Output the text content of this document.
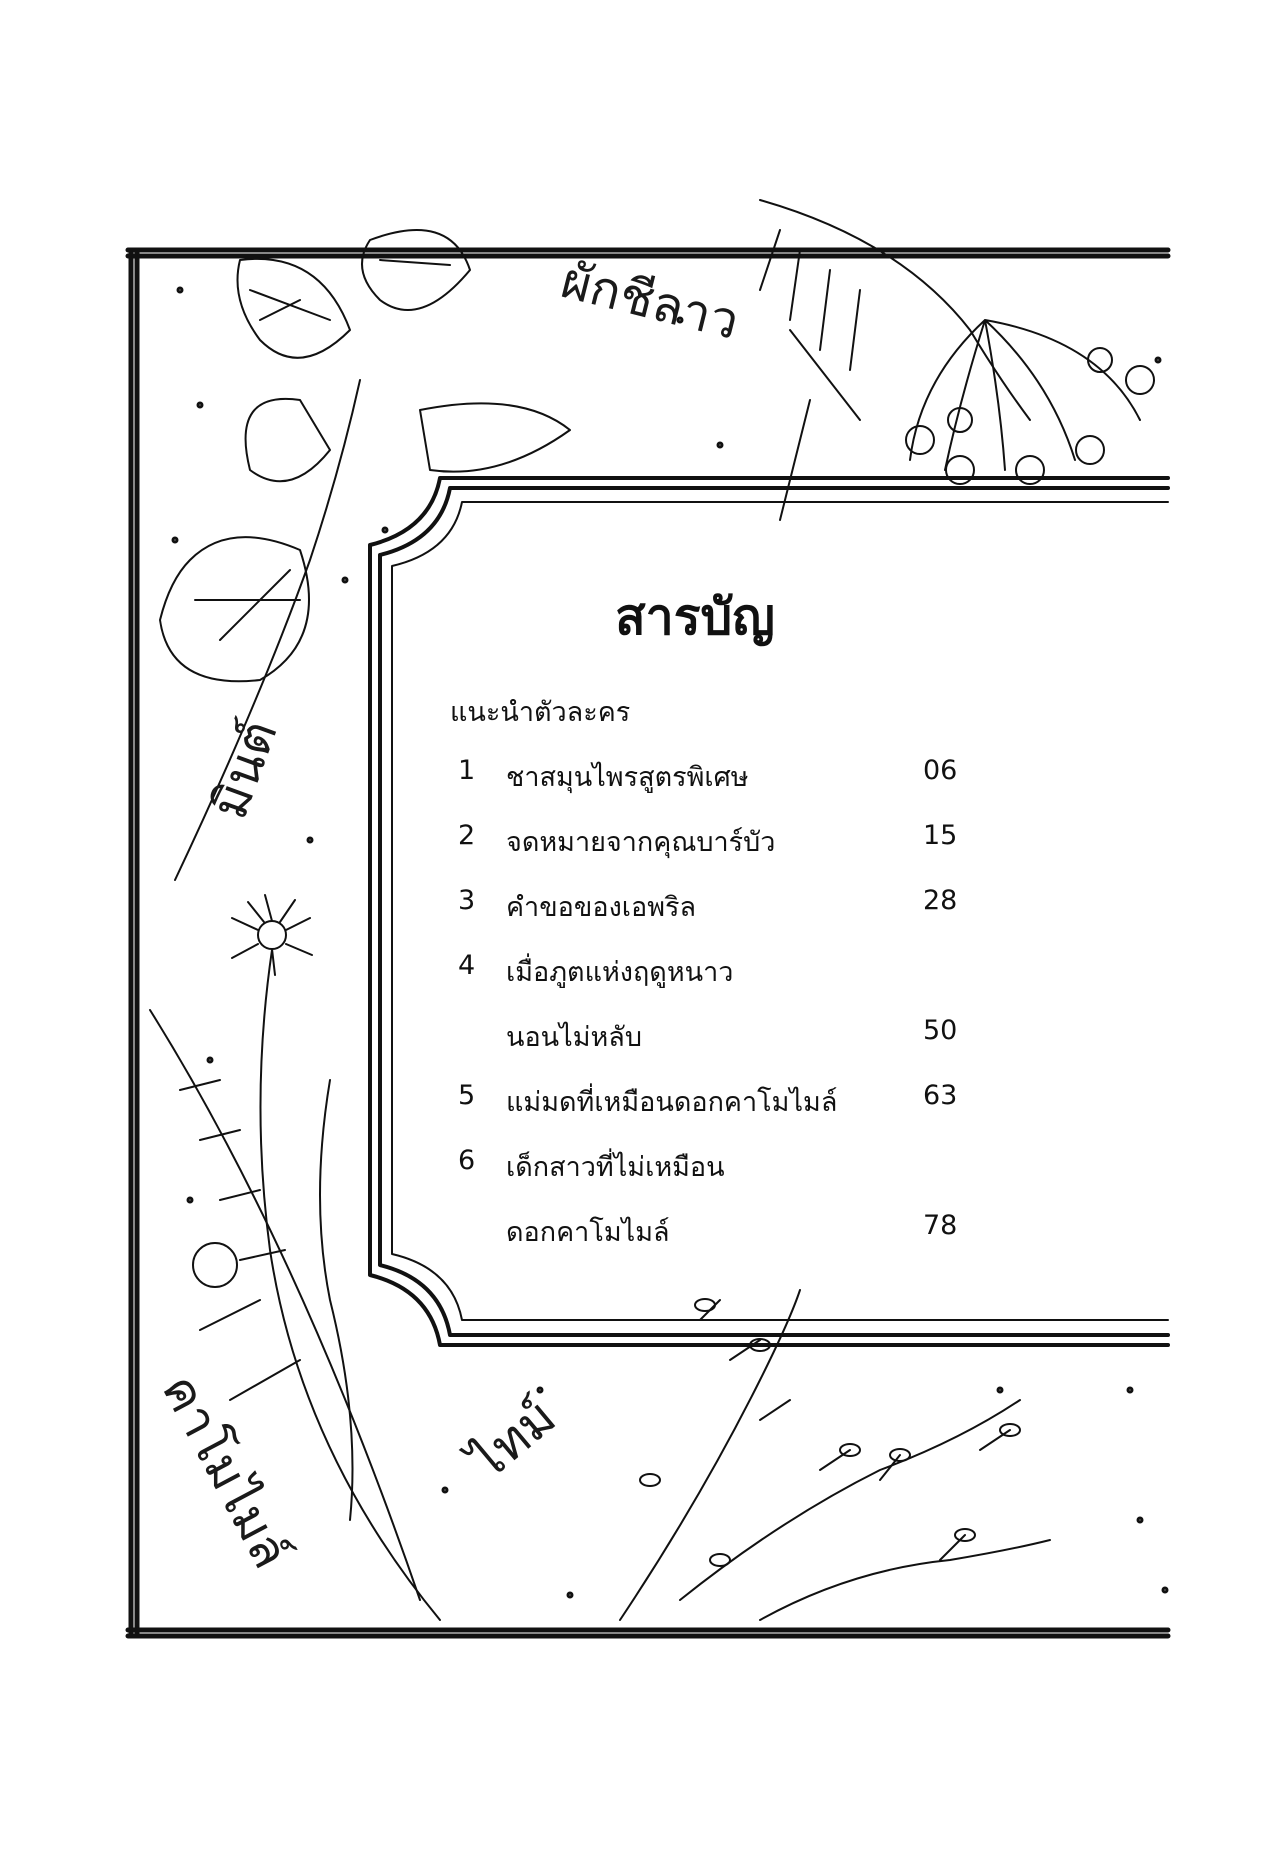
ผักชีลาว
มินต์
คาโมไมล์	ไทม์
สารบัญ
แนะนำตัวละคร
1 ชาสมุนไพรสูตรพิเศษ	06
2 จดหมายจากคุณบาร์บัว	15
3 คำขอของเอพริล	28
4 เมื่อภูตแห่งฤดูหนาว
นอนไม่หลับ	50
5 แม่มดที่เหมือนดอกคาโมไมล์	63
6 เด็กสาวที่ไม่เหมือน
ดอกคาโมไมล์	78
